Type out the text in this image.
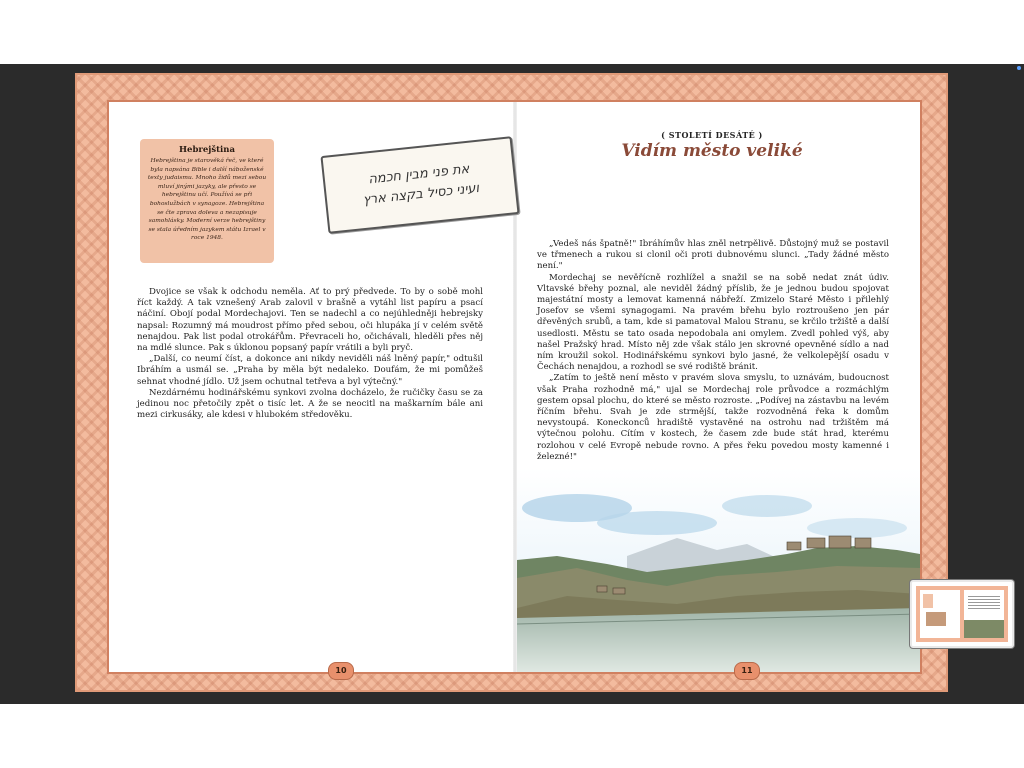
Hebrejština
Hebrejština je starověká řeč, ve které byla napsána Bible i další náboženské texty judaismu. Mnoho židů mezi sebou mluví jinými jazyky, ale přesto se hebrejštinu učí. Používá se při bohoslužbách v synagoze. Hebrejština se čte zprava doleva a nezapisuje samohlásky. Moderní verze hebrejštiny se stala úředním jazykem státu Izrael v roce 1948.
את פני מבין חכמה
ועיני כסיל בקצה ארץ

Dvojice se však k odchodu neměla. Ať to prý předvede. To by o sobě mohl říct každý. A tak vznešený Arab zalovil v brašně a vytáhl list papíru a psací náčiní. Obojí podal Mordechajovi. Ten se nadechl a co nejúhledněji hebrejsky napsal: Rozumný má moudrost přímo před sebou, oči hlupáka jí v celém světě nenajdou. Pak list podal otrokářům. Převraceli ho, očichávali, hleděli přes něj na mdlé slunce. Pak s úklonou popsaný papír vrátili a byli pryč.

„Další, co neumí číst, a dokonce ani nikdy neviděli náš lněný papír," odtušil Ibráhím a usmál se. „Praha by měla být nedaleko. Doufám, že mi pomůžeš sehnat vhodné jídlo. Už jsem ochutnal tetřeva a byl výtečný."

Nezdárnému hodinářskému synkovi zvolna docházelo, že ručičky času se za jedinou noc přetočily zpět o tisíc let. A že se neocitl na maškarním bále ani mezi cirkusáky, ale kdesi v hlubokém středověku.

10
( STOLETÍ DESÁTÉ )
Vidím město veliké

„Vedeš nás špatně!" Ibráhímův hlas zněl netrpělivě. Důstojný muž se postavil ve třmenech a rukou si clonil oči proti dubnovému slunci. „Tady žádné město není."

Mordechaj se nevěřícně rozhlížel a snažil se na sobě nedat znát údiv. Vltavské břehy poznal, ale neviděl žádný příslib, že je jednou budou spojovat majestátní mosty a lemovat kamenná nábřeží. Zmizelo Staré Město i přilehlý Josefov se všemi synagogami. Na pravém břehu bylo roztroušeno jen pár dřevěných srubů, a tam, kde si pamatoval Malou Stranu, se krčilo tržiště a další usedlosti. Městu se tato osada nepodobala ani omylem. Zvedl pohled výš, aby našel Pražský hrad. Místo něj zde však stálo jen skrovné opevněné sídlo a nad ním kroužil sokol. Hodinářskému synkovi bylo jasné, že velkolepější osadu v Čechách nenajdou, a rozhodl se své rodiště bránit.

„Zatím to ještě není město v pravém slova smyslu, to uznávám, budoucnost však Praha rozhodně má," ujal se Mordechaj role průvodce a rozmáchlým gestem opsal plochu, do které se město rozroste. „Podívej na zástavbu na levém říčním břehu. Svah je zde strmější, takže rozvodněná řeka k domům nevystoupá. Koneckonců hradiště vystavěné na ostrohu nad tržištěm má výtečnou polohu. Cítím v kostech, že časem zde bude stát hrad, kterému rozlohou v celé Evropě nebude rovno. A přes řeku povedou mosty kamenné i železné!"

11
